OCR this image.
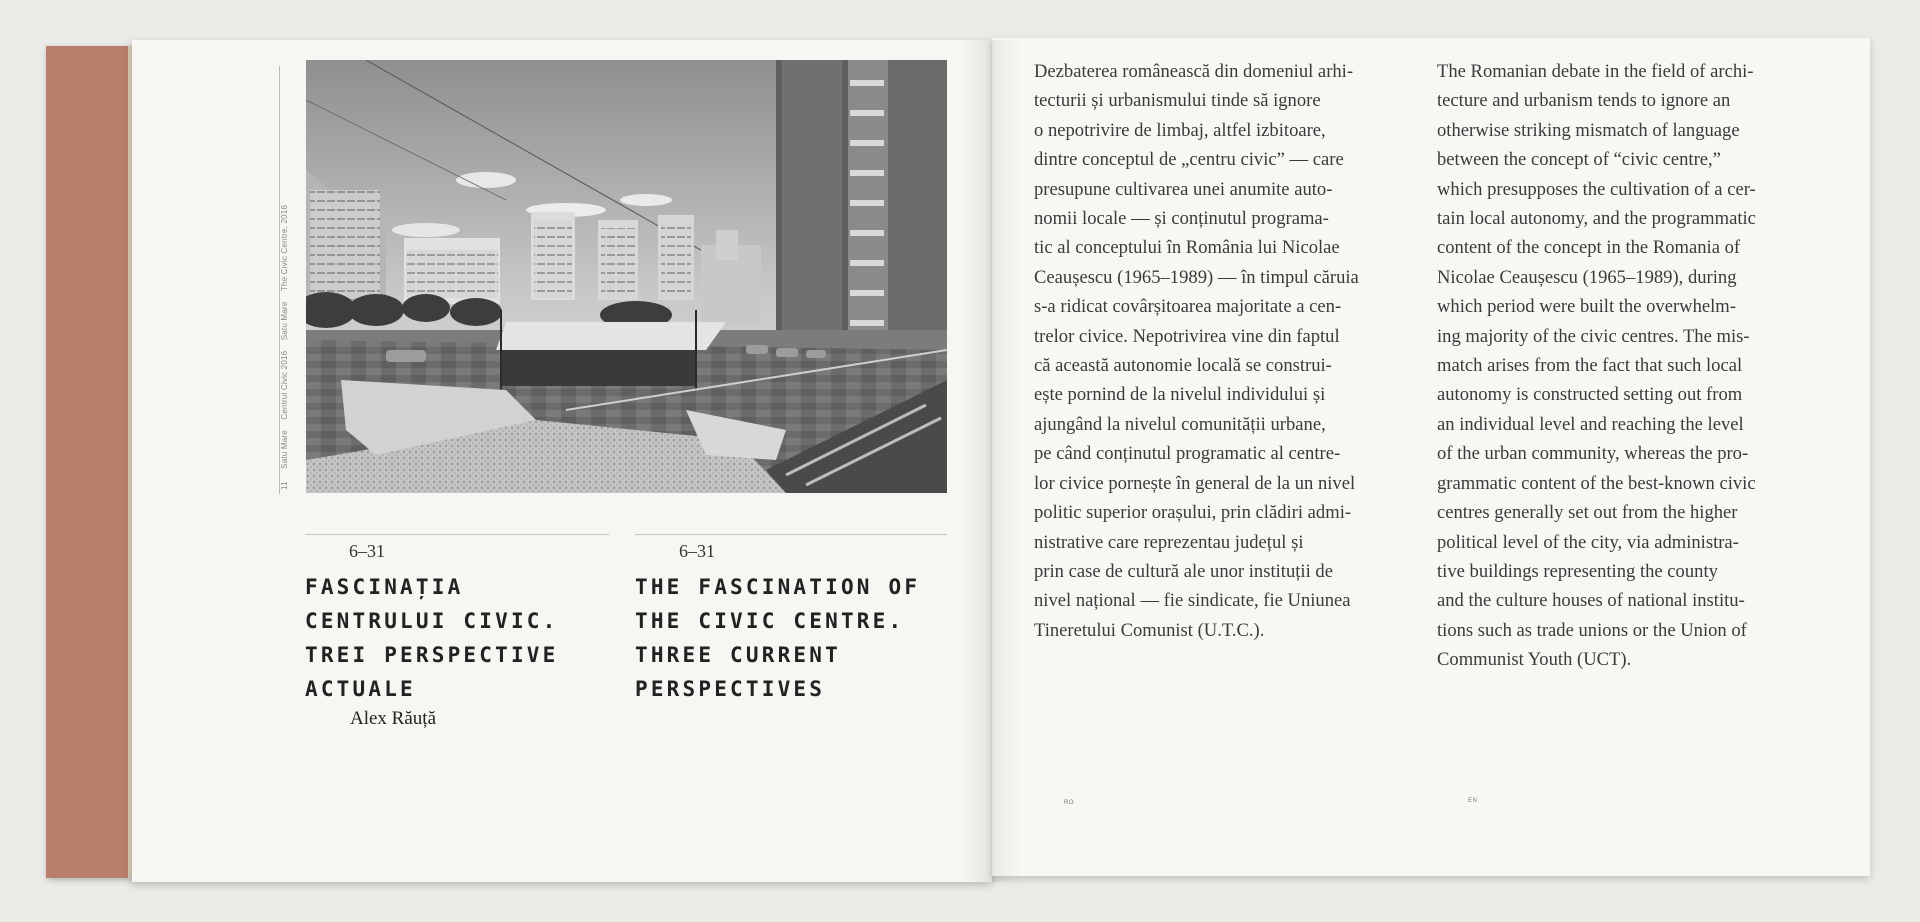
11 Satu Mare Centrul Civic 2016 Satu Mare The Civic Centre, 2016
6–31
FASCINAȚIA
CENTRULUI CIVIC.
TREI PERSPECTIVE
ACTUALE
Alex Răuță
6–31
THE FASCINATION OF
THE CIVIC CENTRE.
THREE CURRENT
PERSPECTIVES
Dezbaterea românească din domeniul arhi-
tecturii și urbanismului tinde să ignore
o nepotrivire de limbaj, altfel izbitoare,
dintre conceptul de „centru civic” — care
presupune cultivarea unei anumite auto-
nomii locale — și conținutul programa-
tic al conceptului în România lui Nicolae
Ceaușescu (1965–1989) — în timpul căruia
s-a ridicat covârșitoarea majoritate a cen-
trelor civice. Nepotrivirea vine din faptul
că această autonomie locală se construi-
ește pornind de la nivelul individului și
ajungând la nivelul comunității urbane,
pe când conținutul programatic al centre-
lor civice pornește în general de la un nivel
politic superior orașului, prin clădiri admi-
nistrative care reprezentau județul și
prin case de cultură ale unor instituții de
nivel național — fie sindicate, fie Uniunea
Tineretului Comunist (U.T.C.).
The Romanian debate in the field of archi-
tecture and urbanism tends to ignore an
otherwise striking mismatch of language
between the concept of “civic centre,”
which presupposes the cultivation of a cer-
tain local autonomy, and the programmatic
content of the concept in the Romania of
Nicolae Ceaușescu (1965–1989), during
which period were built the overwhelm-
ing majority of the civic centres. The mis-
match arises from the fact that such local
autonomy is constructed setting out from
an individual level and reaching the level
of the urban community, whereas the pro-
grammatic content of the best-known civic
centres generally set out from the higher
political level of the city, via administra-
tive buildings representing the county
and the culture houses of national institu-
tions such as trade unions or the Union of
Communist Youth (UCT).
RO	EN
